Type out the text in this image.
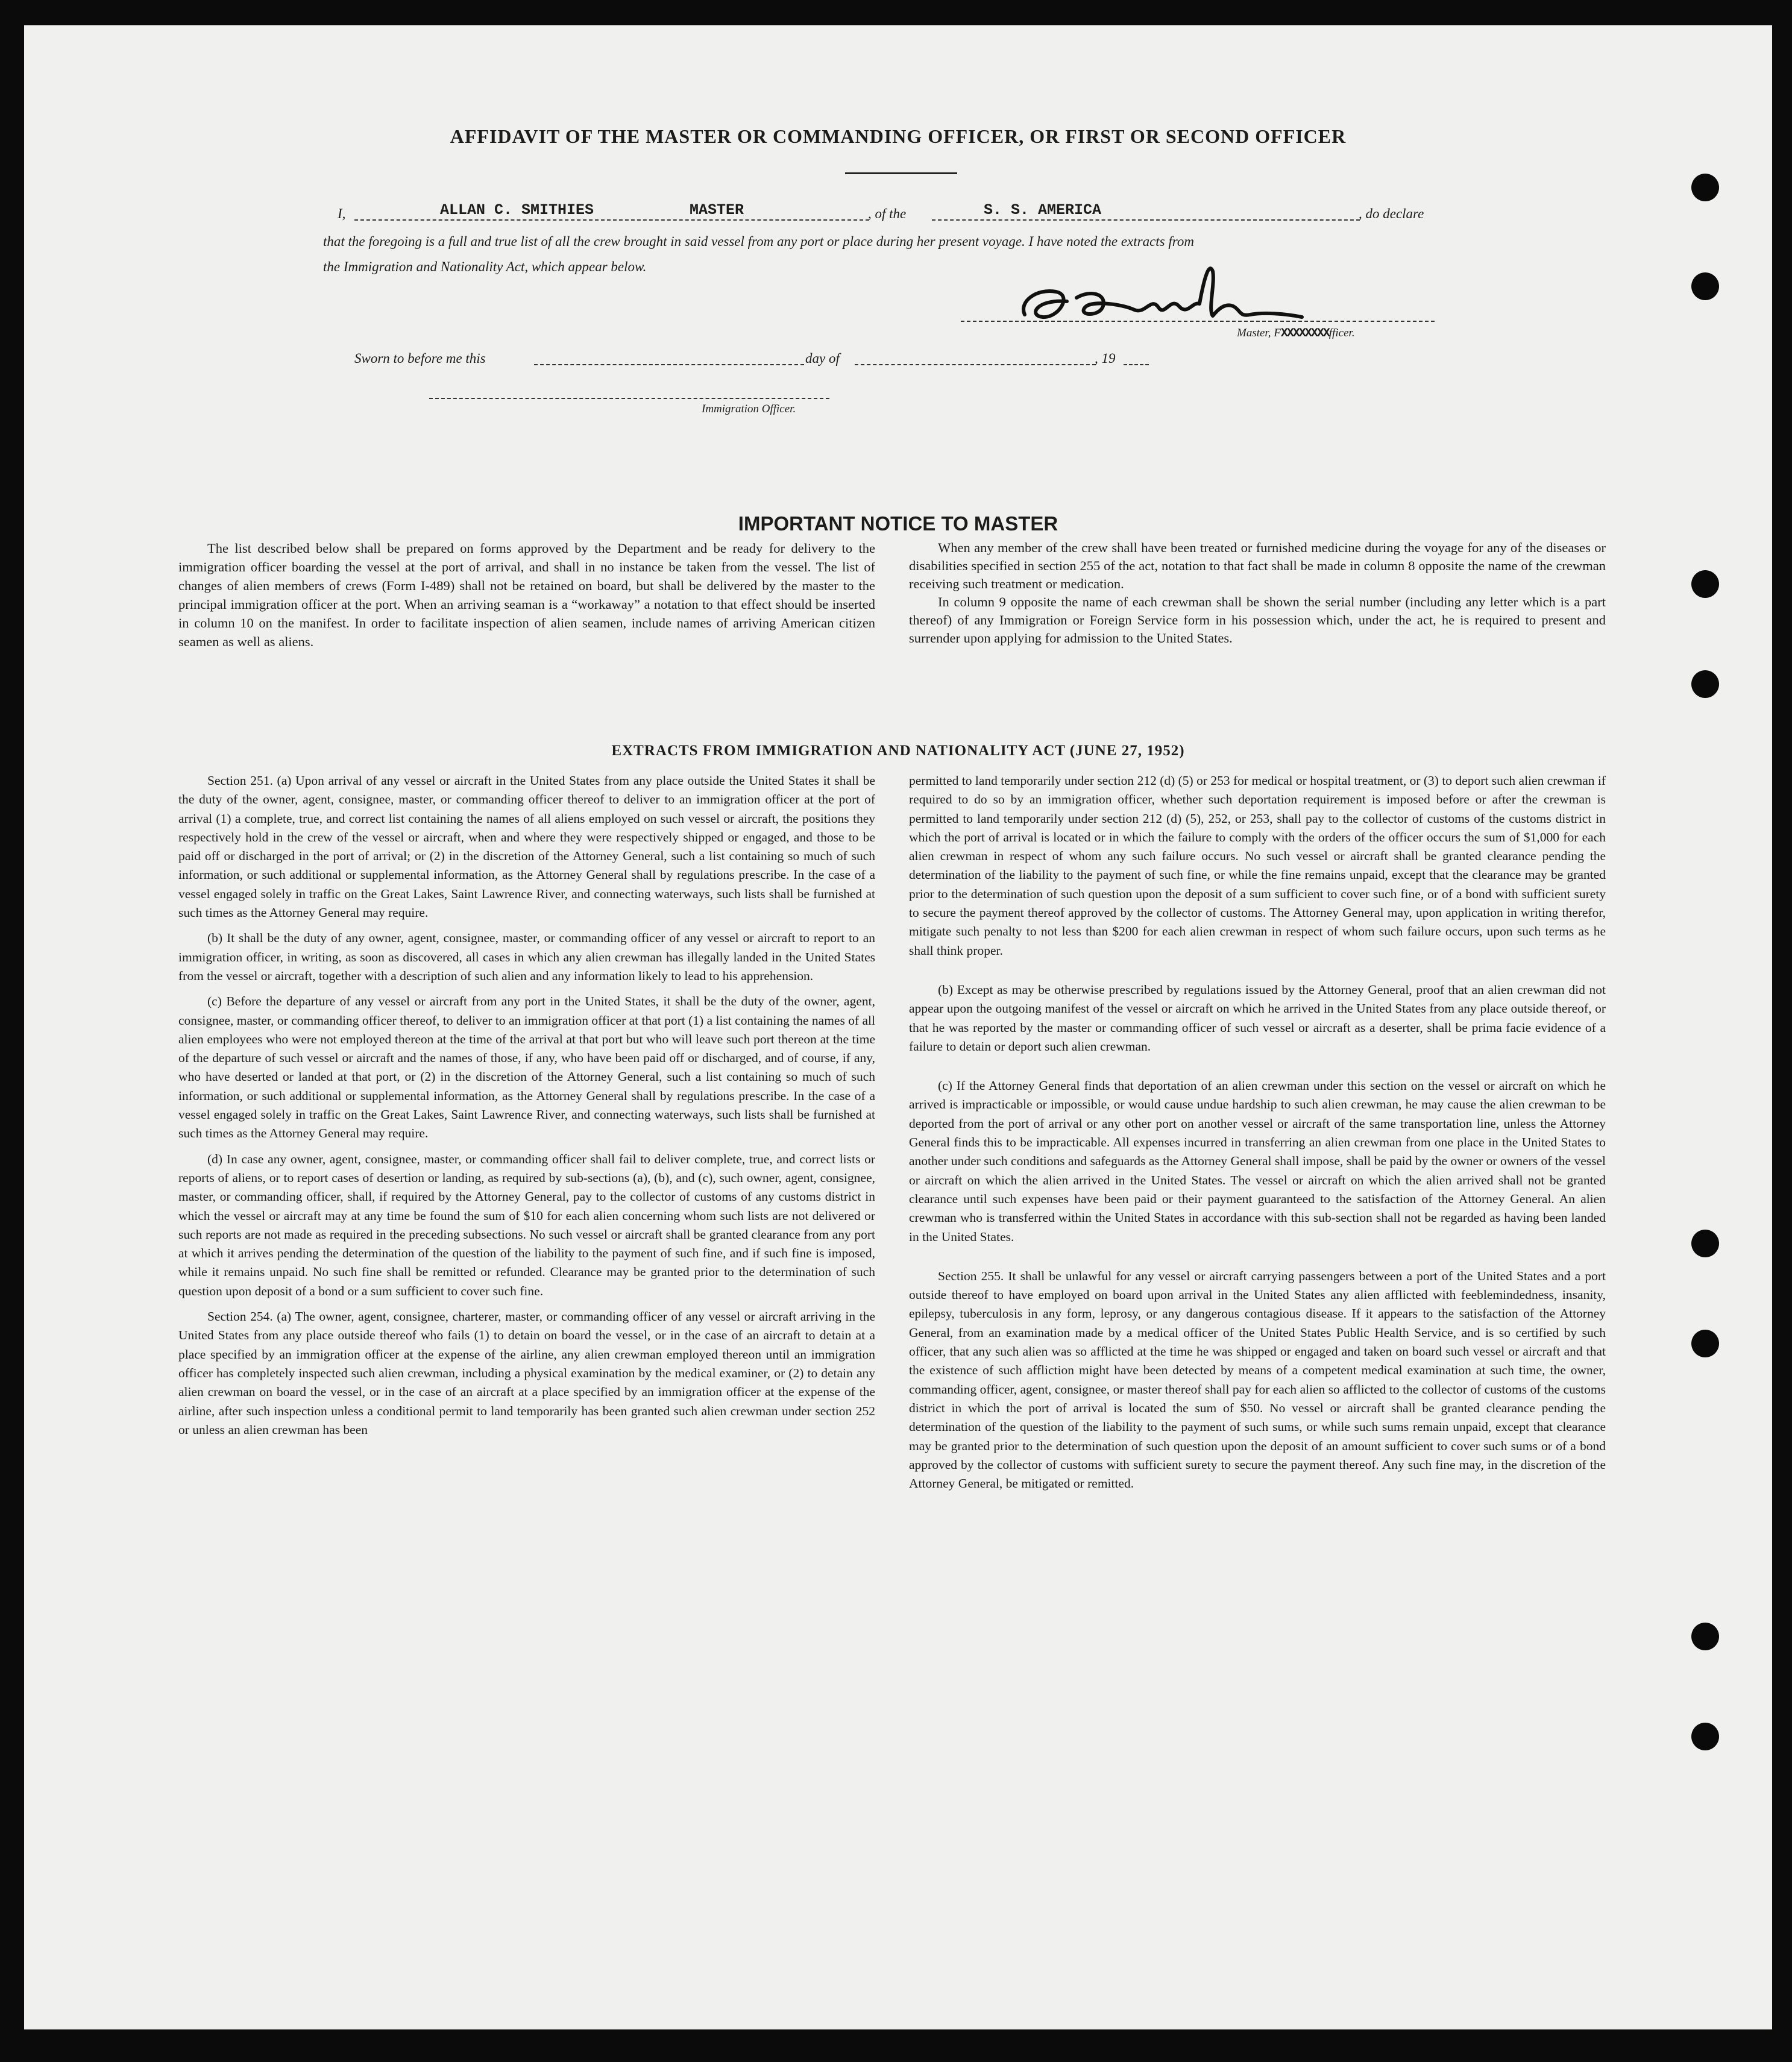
AFFIDAVIT OF THE MASTER OR COMMANDING OFFICER, OR FIRST OR SECOND OFFICER
I,	ALLAN C. SMITHIES	MASTER	, of the	S. S. AMERICA	, do declare
that the foregoing is a full and true list of all the crew brought in said vessel from any port or place during her present voyage. I have noted the extracts from
the Immigration and Nationality Act, which appear below.
Master, FXXXXXXXXfficer.
Sworn to before me this	day of	, 19
Immigration Officer.
IMPORTANT NOTICE TO MASTER

The list described below shall be prepared on forms approved by the Department and be ready for delivery to the immigration officer boarding the vessel at the port of arrival, and shall in no instance be taken from the vessel. The list of changes of alien members of crews (Form I-489) shall not be retained on board, but shall be delivered by the master to the principal immigration officer at the port. When an arriving seaman is a “workaway” a notation to that effect should be inserted in column 10 on the manifest. In order to facilitate inspection of alien seamen, include names of arriving American citizen seamen as well as aliens.

When any member of the crew shall have been treated or furnished medicine during the voyage for any of the diseases or disabilities specified in section 255 of the act, notation to that fact shall be made in column 8 opposite the name of the crewman receiving such treatment or medication.

In column 9 opposite the name of each crewman shall be shown the serial number (including any letter which is a part thereof) of any Immigration or Foreign Service form in his possession which, under the act, he is required to present and surrender upon applying for admission to the United States.

EXTRACTS FROM IMMIGRATION AND NATIONALITY ACT (JUNE 27, 1952)

Section 251. (a) Upon arrival of any vessel or aircraft in the United States from any place outside the United States it shall be the duty of the owner, agent, consignee, master, or commanding officer thereof to deliver to an immigration officer at the port of arrival (1) a complete, true, and correct list containing the names of all aliens employed on such vessel or aircraft, the positions they respectively hold in the crew of the vessel or aircraft, when and where they were respectively shipped or engaged, and those to be paid off or discharged in the port of arrival; or (2) in the discretion of the Attorney General, such a list containing so much of such information, or such additional or supplemental information, as the Attorney General shall by regulations prescribe. In the case of a vessel engaged solely in traffic on the Great Lakes, Saint Lawrence River, and connecting waterways, such lists shall be furnished at such times as the Attorney General may require.

(b) It shall be the duty of any owner, agent, consignee, master, or commanding officer of any vessel or aircraft to report to an immigration officer, in writing, as soon as discovered, all cases in which any alien crewman has illegally landed in the United States from the vessel or aircraft, together with a description of such alien and any information likely to lead to his apprehension.

(c) Before the departure of any vessel or aircraft from any port in the United States, it shall be the duty of the owner, agent, consignee, master, or commanding officer thereof, to deliver to an immigration officer at that port (1) a list containing the names of all alien employees who were not employed thereon at the time of the arrival at that port but who will leave such port thereon at the time of the departure of such vessel or aircraft and the names of those, if any, who have been paid off or discharged, and of course, if any, who have deserted or landed at that port, or (2) in the discretion of the Attorney General, such a list containing so much of such information, or such additional or supplemental information, as the Attorney General shall by regulations prescribe. In the case of a vessel engaged solely in traffic on the Great Lakes, Saint Lawrence River, and connecting waterways, such lists shall be furnished at such times as the Attorney General may require.

(d) In case any owner, agent, consignee, master, or commanding officer shall fail to deliver complete, true, and correct lists or reports of aliens, or to report cases of desertion or landing, as required by sub-sections (a), (b), and (c), such owner, agent, consignee, master, or commanding officer, shall, if required by the Attorney General, pay to the collector of customs of any customs district in which the vessel or aircraft may at any time be found the sum of $10 for each alien concerning whom such lists are not delivered or such reports are not made as required in the preceding subsections. No such vessel or aircraft shall be granted clearance from any port at which it arrives pending the determination of the question of the liability to the payment of such fine, and if such fine is imposed, while it remains unpaid. No such fine shall be remitted or refunded. Clearance may be granted prior to the determination of such question upon deposit of a bond or a sum sufficient to cover such fine.

Section 254. (a) The owner, agent, consignee, charterer, master, or commanding officer of any vessel or aircraft arriving in the United States from any place outside thereof who fails (1) to detain on board the vessel, or in the case of an aircraft to detain at a place specified by an immigration officer at the expense of the airline, any alien crewman employed thereon until an immigration officer has completely inspected such alien crewman, including a physical examination by the medical examiner, or (2) to detain any alien crewman on board the vessel, or in the case of an aircraft at a place specified by an immigration officer at the expense of the airline, after such inspection unless a conditional permit to land temporarily has been granted such alien crewman under section 252 or unless an alien crewman has been

permitted to land temporarily under section 212 (d) (5) or 253 for medical or hospital treatment, or (3) to deport such alien crewman if required to do so by an immigration officer, whether such deportation requirement is imposed before or after the crewman is permitted to land temporarily under section 212 (d) (5), 252, or 253, shall pay to the collector of customs of the customs district in which the port of arrival is located or in which the failure to comply with the orders of the officer occurs the sum of $1,000 for each alien crewman in respect of whom any such failure occurs. No such vessel or aircraft shall be granted clearance pending the determination of the liability to the payment of such fine, or while the fine remains unpaid, except that the clearance may be granted prior to the determination of such question upon the deposit of a sum sufficient to cover such fine, or of a bond with sufficient surety to secure the payment thereof approved by the collector of customs. The Attorney General may, upon application in writing therefor, mitigate such penalty to not less than $200 for each alien crewman in respect of whom such failure occurs, upon such terms as he shall think proper.

(b) Except as may be otherwise prescribed by regulations issued by the Attorney General, proof that an alien crewman did not appear upon the outgoing manifest of the vessel or aircraft on which he arrived in the United States from any place outside thereof, or that he was reported by the master or commanding officer of such vessel or aircraft as a deserter, shall be prima facie evidence of a failure to detain or deport such alien crewman.

(c) If the Attorney General finds that deportation of an alien crewman under this section on the vessel or aircraft on which he arrived is impracticable or impossible, or would cause undue hardship to such alien crewman, he may cause the alien crewman to be deported from the port of arrival or any other port on another vessel or aircraft of the same transportation line, unless the Attorney General finds this to be impracticable. All expenses incurred in transferring an alien crewman from one place in the United States to another under such conditions and safeguards as the Attorney General shall impose, shall be paid by the owner or owners of the vessel or aircraft on which the alien arrived in the United States. The vessel or aircraft on which the alien arrived shall not be granted clearance until such expenses have been paid or their payment guaranteed to the satisfaction of the Attorney General. An alien crewman who is transferred within the United States in accordance with this sub-section shall not be regarded as having been landed in the United States.

Section 255. It shall be unlawful for any vessel or aircraft carrying passengers between a port of the United States and a port outside thereof to have employed on board upon arrival in the United States any alien afflicted with feeblemindedness, insanity, epilepsy, tuberculosis in any form, leprosy, or any dangerous contagious disease. If it appears to the satisfaction of the Attorney General, from an examination made by a medical officer of the United States Public Health Service, and is so certified by such officer, that any such alien was so afflicted at the time he was shipped or engaged and taken on board such vessel or aircraft and that the existence of such affliction might have been detected by means of a competent medical examination at such time, the owner, commanding officer, agent, consignee, or master thereof shall pay for each alien so afflicted to the collector of customs of the customs district in which the port of arrival is located the sum of $50. No vessel or aircraft shall be granted clearance pending the determination of the question of the liability to the payment of such sums, or while such sums remain unpaid, except that clearance may be granted prior to the determination of such question upon the deposit of an amount sufficient to cover such sums or of a bond approved by the collector of customs with sufficient surety to secure the payment thereof. Any such fine may, in the discretion of the Attorney General, be mitigated or remitted.
